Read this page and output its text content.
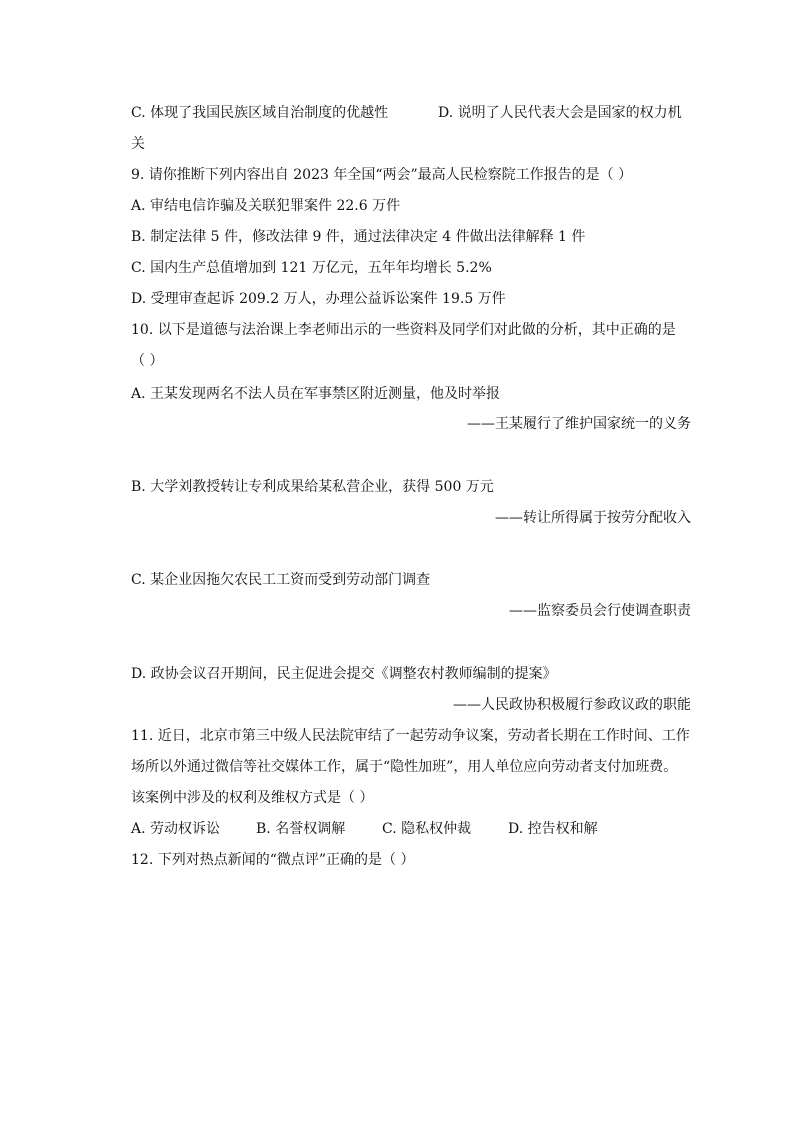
C. 体现了我国民族区域自治制度的优越性	D. 说明了人民代表大会是国家的权力机
关
9. 请你推断下列内容出自 2023 年全国“两会”最高人民检察院工作报告的是（ ）
A. 审结电信诈骗及关联犯罪案件 22.6 万件
B. 制定法律 5 件，修改法律 9 件，通过法律决定 4 件做出法律解释 1 件
C. 国内生产总值增加到 121 万亿元，五年年均增长 5.2%
D. 受理审查起诉 209.2 万人，办理公益诉讼案件 19.5 万件
10. 以下是道德与法治课上李老师出示的一些资料及同学们对此做的分析，其中正确的是
（ ）
A. 王某发现两名不法人员在军事禁区附近测量，他及时举报
——王某履行了维护国家统一的义务
B. 大学刘教授转让专利成果给某私营企业，获得 500 万元
——转让所得属于按劳分配收入
C. 某企业因拖欠农民工工资而受到劳动部门调查
——监察委员会行使调查职责
D. 政协会议召开期间，民主促进会提交《调整农村教师编制的提案》
——人民政协积极履行参政议政的职能
11. 近日，北京市第三中级人民法院审结了一起劳动争议案，劳动者长期在工作时间、工作
场所以外通过微信等社交媒体工作，属于“隐性加班”，用人单位应向劳动者支付加班费。
该案例中涉及的权利及维权方式是（ ）
A. 劳动权诉讼	B. 名誉权调解	C. 隐私权仲裁	D. 控告权和解
12. 下列对热点新闻的“微点评”正确的是（ ）
